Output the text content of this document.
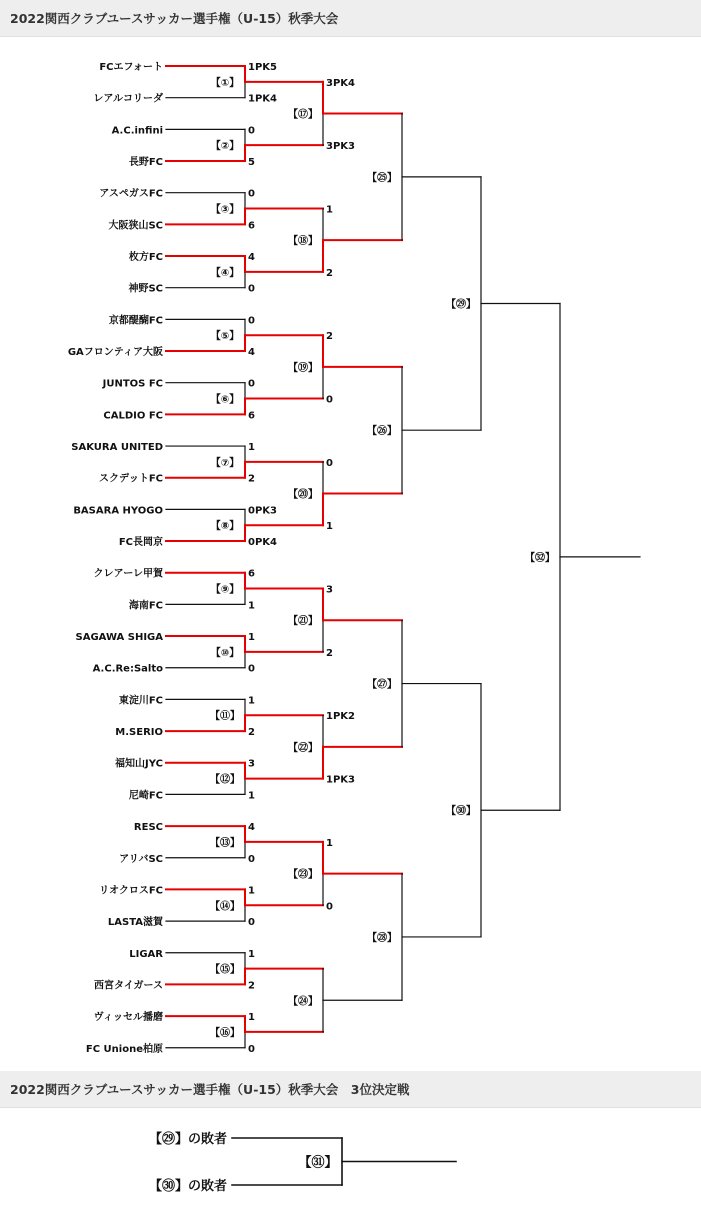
2022関西クラブユースサッカー選手権（U-15）秋季大会
2022関西クラブユースサッカー選手権（U-15）秋季大会　3位決定戦
FCエフォート	1PK5
レアルコリーダ	1PK4
【①】
A.C.infini	0
長野FC	5
【②】
アスペガスFC	0
大阪狭山SC	6
【③】
枚方FC	4
神野SC	0
【④】
京都醍醐FC	0
GAフロンティア大阪	4
【⑤】
JUNTOS FC	0
CALDIO FC	6
【⑥】
SAKURA UNITED	1
スクデットFC	2
【⑦】
BASARA HYOGO	0PK3
FC長岡京	0PK4
【⑧】
クレアーレ甲賀	6
海南FC	1
【⑨】
SAGAWA SHIGA	1
A.C.Re:Salto	0
【⑩】
東淀川FC	1
M.SERIO	2
【⑪】
福知山JYC	3
尼崎FC	1
【⑫】
RESC	4
アリバSC	0
【⑬】
リオクロスFC	1
LASTA滋賀	0
【⑭】
LIGAR	1
西宮タイガース	2
【⑮】
ヴィッセル播磨	1
FC Unione柏原	0
【⑯】
3PK4
3PK3
【⑰】
1
2
【⑱】
2
0
【⑲】
0
1
【⑳】
3
2
【㉑】
1PK2
1PK3
【㉒】
1
0
【㉓】
【㉔】
【㉕】
【㉖】
【㉗】
【㉘】
【㉙】
【㉚】
【㉜】
【㉙】の敗者
【㉚】の敗者
【㉛】
